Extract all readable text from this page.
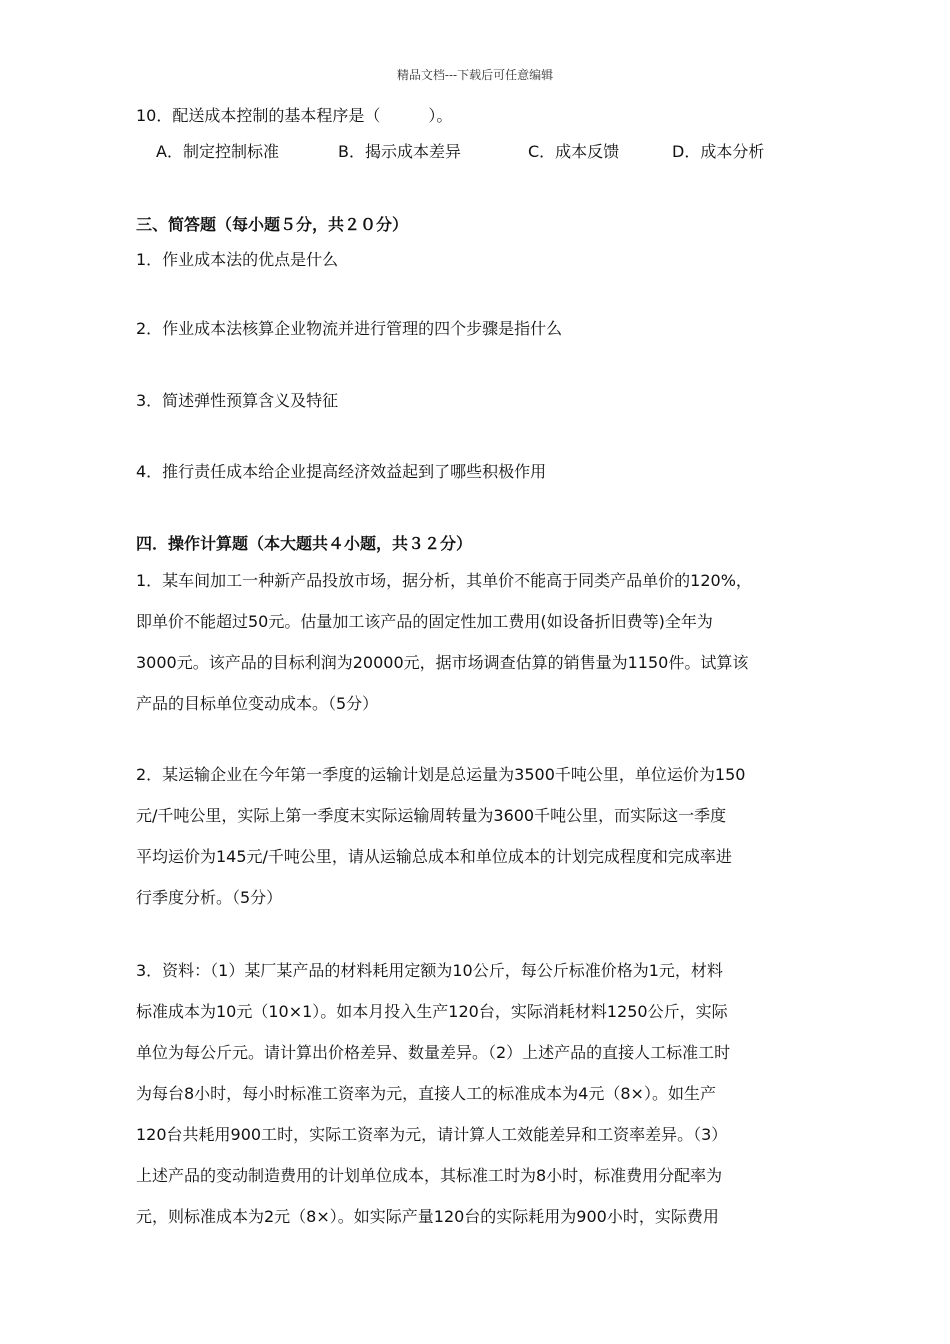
精品文档---下载后可任意编辑
10．配送成本控制的基本程序是（　　　）。
A．制定控制标准	B．揭示成本差异	C．成本反馈	D．成本分析
三、简答题（每小题５分，共２０分）
1．作业成本法的优点是什么
2．作业成本法核算企业物流并进行管理的四个步骤是指什么
3．简述弹性预算含义及特征
4．推行责任成本给企业提高经济效益起到了哪些积极作用
四．操作计算题（本大题共４小题，共３２分）
1．某车间加工一种新产品投放市场，据分析，其单价不能高于同类产品单价的120%，
即单价不能超过50元。估量加工该产品的固定性加工费用(如设备折旧费等)全年为
3000元。该产品的目标利润为20000元，据市场调查估算的销售量为1150件。试算该
产品的目标单位变动成本。（5分）
2．某运输企业在今年第一季度的运输计划是总运量为3500千吨公里，单位运价为150
元/千吨公里，实际上第一季度末实际运输周转量为3600千吨公里，而实际这一季度
平均运价为145元/千吨公里，请从运输总成本和单位成本的计划完成程度和完成率进
行季度分析。（5分）
3．资料：（1）某厂某产品的材料耗用定额为10公斤，每公斤标准价格为1元，材料
标准成本为10元（10×1）。如本月投入生产120台，实际消耗材料1250公斤，实际
单位为每公斤元。请计算出价格差异、数量差异。（2）上述产品的直接人工标准工时
为每台8小时，每小时标准工资率为元，直接人工的标准成本为4元（8×）。如生产
120台共耗用900工时，实际工资率为元，请计算人工效能差异和工资率差异。（3）
上述产品的变动制造费用的计划单位成本，其标准工时为8小时，标准费用分配率为
元，则标准成本为2元（8×）。如实际产量120台的实际耗用为900小时，实际费用
